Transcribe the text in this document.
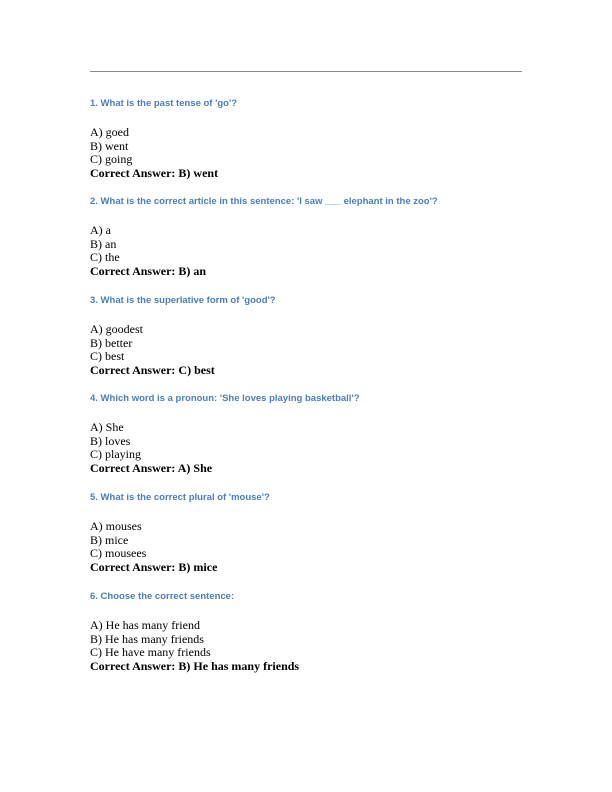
1. What is the past tense of 'go'?

A) goed
B) went
C) going
Correct Answer: B) went

2. What is the correct article in this sentence: 'I saw ___ elephant in the zoo'?

A) a
B) an
C) the
Correct Answer: B) an

3. What is the superlative form of 'good'?

A) goodest
B) better
C) best
Correct Answer: C) best

4. Which word is a pronoun: 'She loves playing basketball'?

A) She
B) loves
C) playing
Correct Answer: A) She

5. What is the correct plural of 'mouse'?

A) mouses
B) mice
C) mousees
Correct Answer: B) mice

6. Choose the correct sentence:

A) He has many friend
B) He has many friends
C) He have many friends
Correct Answer: B) He has many friends
